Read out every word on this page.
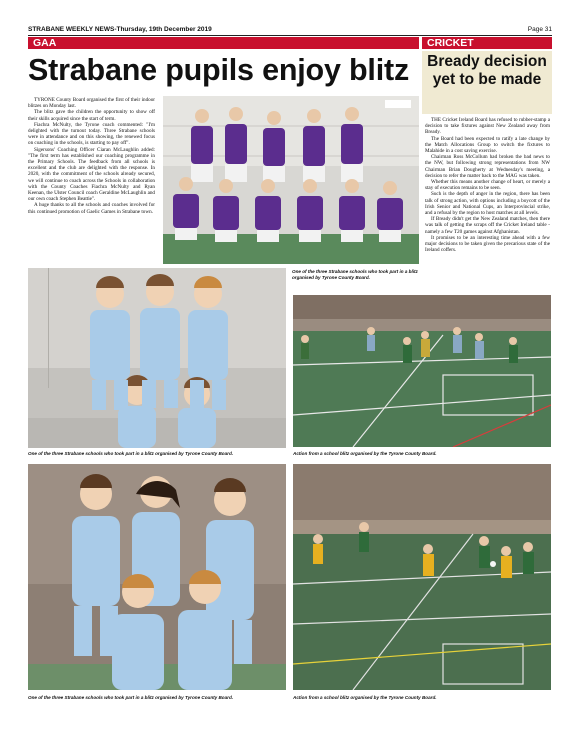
STRABANE WEEKLY NEWS-Thursday, 19th December 2019	Page 31
GAA	CRICKET
Strabane pupils enjoy blitz	Bready decision yet to be made

TYRONE County Board organised the first of their indoor blitzes on Monday last.

The blitz gave the children the opportunity to show off their skills acquired since the start of term.

Fiachra McNulty, the Tyrone coach commented: "I'm delighted with the turnout today. Three Strabane schools were in attendance and on this showing, the renewed focus on coaching in the schools, is starting to pay off".

Sigersons' Coaching Officer Ciaran McLaughlin added: "The first term has established our coaching programme in the Primary Schools. The feedback from all schools is excellent and the club are delighted with the response. In 2020, with the commitment of the schools already secured, we will continue to coach across the Schools in collaboration with the County Coaches Fiachra McNulty and Ryan Keenan, the Ulster Council coach Geraldine McLaughlin and our own coach Stephen Beattie".

A huge thanks to all the schools and coaches involved for this continued promotion of Gaelic Games in Strabane town.

THE Cricket Ireland Board has refused to rubber-stamp a decision to take fixtures against New Zealand away from Bready.

The Board had been expected to ratify a late change by the Match Allocations Group to switch the fixtures to Malahide in a cost saving exercise.

Chairman Ross McCollum had broken the bad news to the NW, but following strong representations from NW Chairman Brian Dougherty at Wednesday's meeting, a decision to refer the matter back to the MAG was taken.

Whether this means another change of heart, or merely a stay of execution remains to be seen.

Such is the depth of anger in the region, there has been talk of strong action, with options including a boycott of the Irish Senior and National Cups, an Interprovincial strike, and a refusal by the region to host matches at all levels.

If Bready didn't get the New Zealand matches, then there was talk of getting the scraps off the Cricket Ireland table - namely a few T20 games against Afghanistan.

It promises to be an interesting time ahead with a few major decisions to be taken given the precarious state of the Ireland coffers.

One of the three Strabane schools who took part in a blitz organised by Tyrone County Board.
One of the three Strabane schools who took part in a blitz organised by Tyrone County Board.	Action from a school blitz organised by the Tyrone County Board.
One of the three Strabane schools who took part in a blitz organised by Tyrone County Board.	Action from a school blitz organised by the Tyrone County Board.
